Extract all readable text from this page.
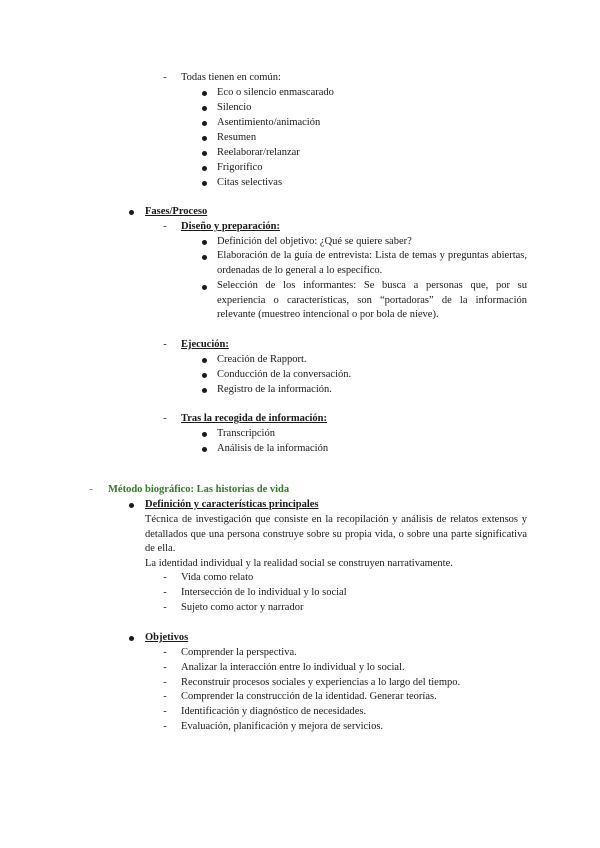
-	Todas tienen en común:
Eco o silencio enmascarado
Silencio
Asentimiento/animación
Resumen
Reelaborar/relanzar
Frigorífico
Citas selectivas
Fases/Proceso
-	Diseño y preparación:
Definición del objetivo: ¿Qué se quiere saber?
Elaboración de la guía de entrevista: Lista de temas y preguntas abiertas, ordenadas de lo general a lo específico.
Selección de los informantes: Se busca a personas que, por su experiencia o características, son “portadoras” de la información relevante (muestreo intencional o por bola de nieve).
-	Ejecución:
Creación de Rapport.
Conducción de la conversación.
Registro de la información.
-	Tras la recogida de información:
Transcripción
Análisis de la información
-	Método biográfico: Las historias de vida
Definición y características principales
Técnica de investigación que consiste en la recopilación y análisis de relatos extensos y detallados que una persona construye sobre su propia vida, o sobre una parte significativa de ella.
La identidad individual y la realidad social se construyen narrativamente.
-	Vida como relato
-	Intersección de lo individual y lo social
-	Sujeto como actor y narrador
Objetivos
-	Comprender la perspectiva.
-	Analizar la interacción entre lo individual y lo social.
-	Reconstruir procesos sociales y experiencias a lo largo del tiempo.
-	Comprender la construcción de la identidad. Generar teorías.
-	Identificación y diagnóstico de necesidades.
-	Evaluación, planificación y mejora de servicios.
